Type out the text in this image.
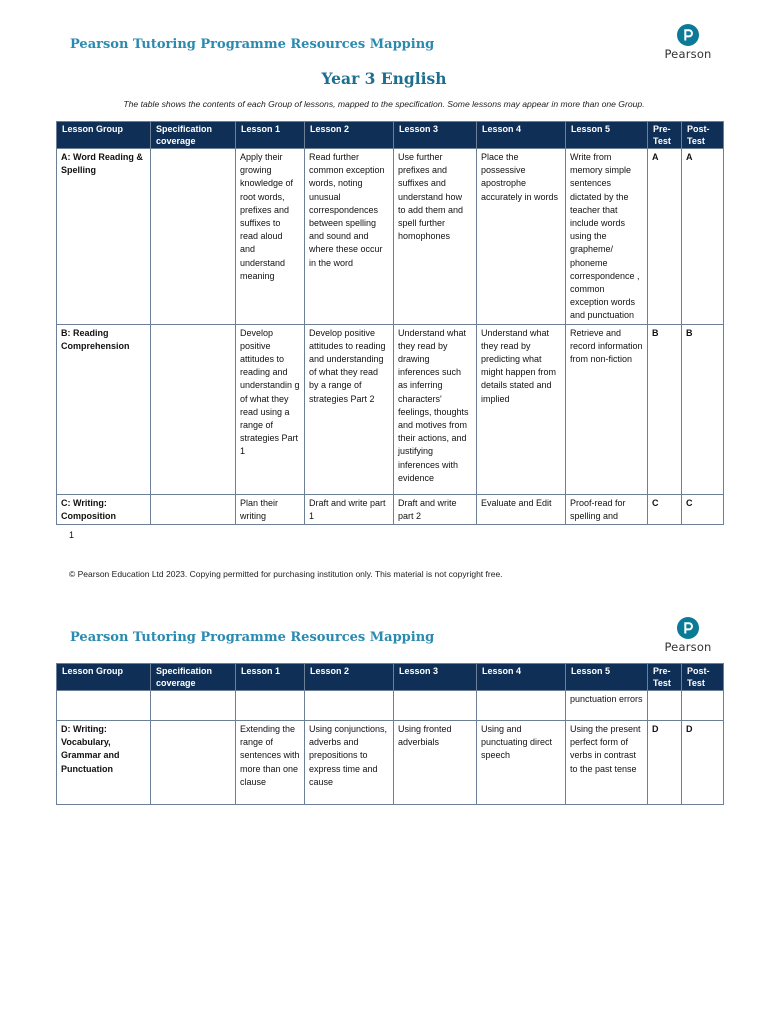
Pearson Tutoring Programme Resources Mapping
Pearson
Year 3 English
The table shows the contents of each Group of lessons, mapped to the specification. Some lessons may appear in more than one Group.
Lesson Group	Specification coverage	Lesson 1	Lesson 2	Lesson 3	Lesson 4	Lesson 5	Pre-Test	Post-Test
A: Word Reading & Spelling		Apply their growing knowledge of root words, prefixes and suffixes to read aloud and understand meaning	Read further common exception words, noting unusual correspondences between spelling and sound and where these occur in the word	Use further prefixes and suffixes and understand how to add them and spell further homophones	Place the possessive apostrophe accurately in words	Write from memory simple sentences dictated by the teacher that include words using the grapheme/ phoneme correspondence , common exception words and punctuation	A	A
B: Reading Comprehension		Develop positive attitudes to reading and understandin g of what they read using a range of strategies Part 1	Develop positive attitudes to reading and understanding of what they read by a range of strategies Part 2	Understand what they read by drawing inferences such as inferring characters' feelings, thoughts and motives from their actions, and justifying inferences with evidence	Understand what they read by predicting what might happen from details stated and implied	Retrieve and record information from non-fiction	B	B
C: Writing: Composition		Plan their writing	Draft and write part 1	Draft and write part 2	Evaluate and Edit	Proof-read for spelling and	C	C
1
© Pearson Education Ltd 2023. Copying permitted for purchasing institution only. This material is not copyright free.
Pearson Tutoring Programme Resources Mapping
Pearson
Lesson Group	Specification coverage	Lesson 1	Lesson 2	Lesson 3	Lesson 4	Lesson 5	Pre-Test	Post-Test
						punctuation errors		
D: Writing: Vocabulary, Grammar and Punctuation		Extending the range of sentences with more than one clause	Using conjunctions, adverbs and prepositions to express time and cause	Using fronted adverbials	Using and punctuating direct speech	Using the present perfect form of verbs in contrast to the past tense	D	D
